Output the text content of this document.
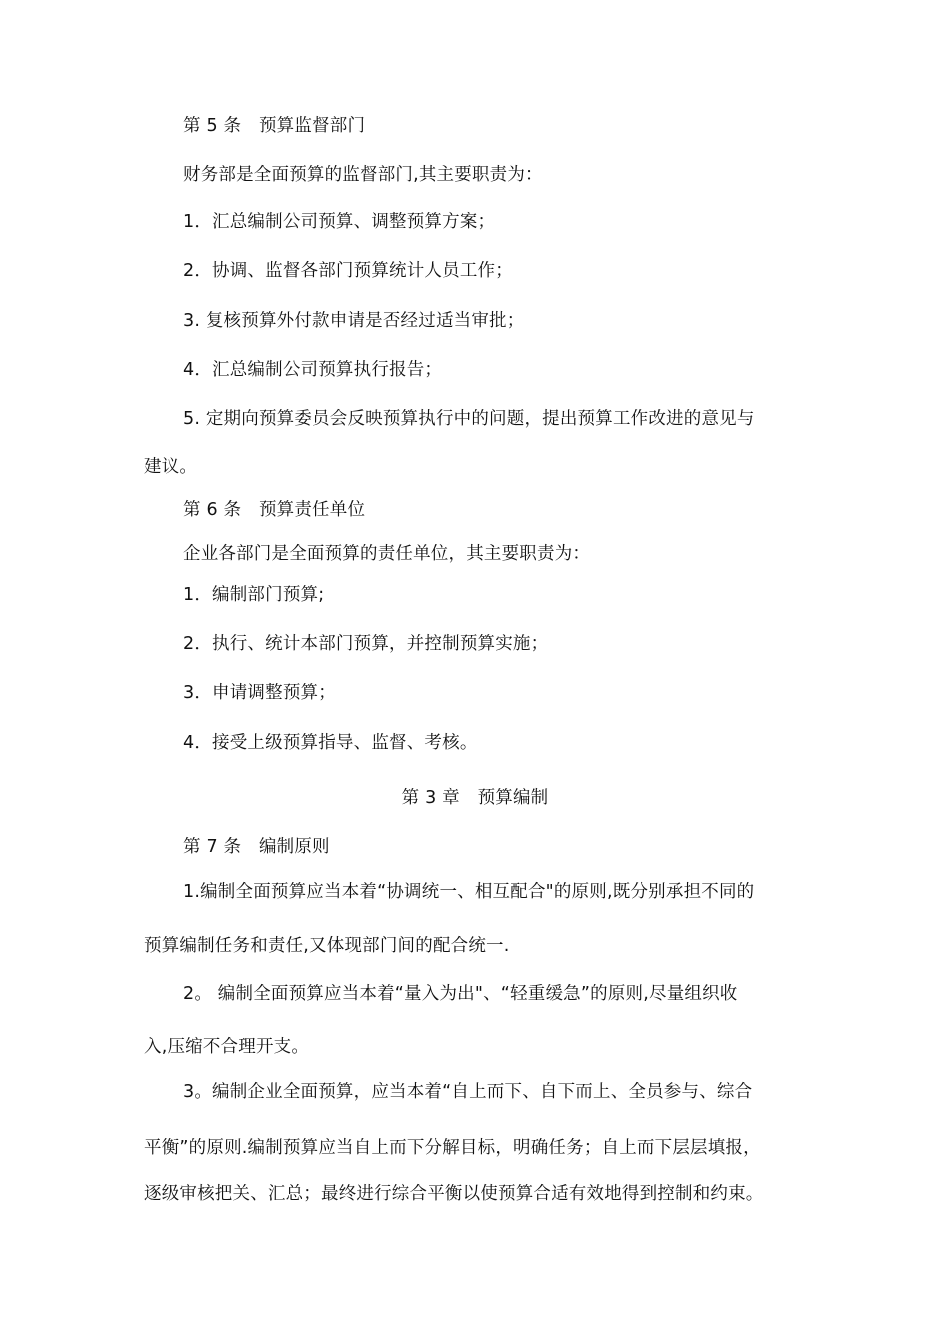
第 5 条　预算监督部门
财务部是全面预算的监督部门,其主要职责为：
1．汇总编制公司预算、调整预算方案；
2．协调、监督各部门预算统计人员工作；
3. 复核预算外付款申请是否经过适当审批；
4．汇总编制公司预算执行报告；
5. 定期向预算委员会反映预算执行中的问题，提出预算工作改进的意见与
建议。
第 6 条　预算责任单位
企业各部门是全面预算的责任单位，其主要职责为：
1．编制部门预算;
2．执行、统计本部门预算，并控制预算实施；
3．申请调整预算；
4．接受上级预算指导、监督、考核。
第 3 章　预算编制
第 7 条　编制原则
1.编制全面预算应当本着“协调统一、相互配合"的原则,既分别承担不同的
预算编制任务和责任,又体现部门间的配合统一.
2。 编制全面预算应当本着“量入为出"、“轻重缓急”的原则,尽量组织收
入,压缩不合理开支。
3。编制企业全面预算，应当本着“自上而下、自下而上、全员参与、综合
平衡”的原则.编制预算应当自上而下分解目标，明确任务；自上而下层层填报，
逐级审核把关、汇总；最终进行综合平衡以使预算合适有效地得到控制和约束。
